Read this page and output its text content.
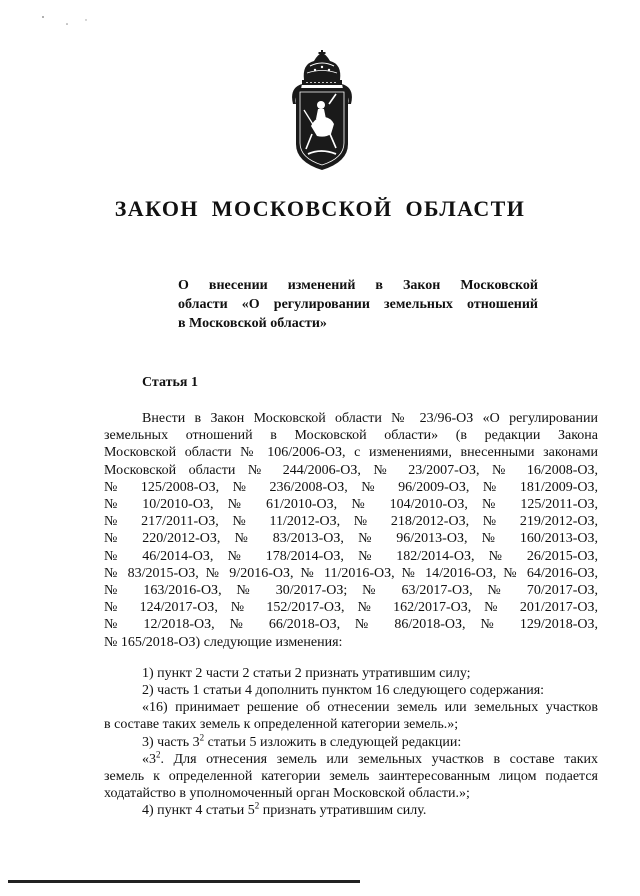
ЗАКОН МОСКОВСКОЙ ОБЛАСТИ
О внесении изменений в Закон Московской
области «О регулировании земельных отношений
в Московской области»
Статья 1
Внести в Закон Московской области № 23/96-ОЗ «О регулировании
земельных отношений в Московской области» (в редакции Закона
Московской области № 106/2006-ОЗ, с изменениями, внесенными законами
Московской области № 244/2006-ОЗ, № 23/2007-ОЗ, № 16/2008-ОЗ,
№ 125/2008-ОЗ, № 236/2008-ОЗ, № 96/2009-ОЗ, № 181/2009-ОЗ,
№ 10/2010-ОЗ, № 61/2010-ОЗ, № 104/2010-ОЗ, № 125/2011-ОЗ,
№ 217/2011-ОЗ, № 11/2012-ОЗ, № 218/2012-ОЗ, № 219/2012-ОЗ,
№ 220/2012-ОЗ, № 83/2013-ОЗ, № 96/2013-ОЗ, № 160/2013-ОЗ,
№ 46/2014-ОЗ, № 178/2014-ОЗ, № 182/2014-ОЗ, № 26/2015-ОЗ,
№ 83/2015-ОЗ, № 9/2016-ОЗ, № 11/2016-ОЗ, № 14/2016-ОЗ, № 64/2016-ОЗ,
№ 163/2016-ОЗ, № 30/2017-ОЗ; № 63/2017-ОЗ, № 70/2017-ОЗ,
№ 124/2017-ОЗ, № 152/2017-ОЗ, № 162/2017-ОЗ, № 201/2017-ОЗ,
№ 12/2018-ОЗ, № 66/2018-ОЗ, № 86/2018-ОЗ, № 129/2018-ОЗ,
№ 165/2018-ОЗ) следующие изменения:
1) пункт 2 части 2 статьи 2 признать утратившим силу;
2) часть 1 статьи 4 дополнить пунктом 16 следующего содержания:
«16) принимает решение об отнесении земель или земельных участков
в составе таких земель к определенной категории земель.»;
3) часть $3^2$ статьи 5 изложить в следующей редакции:
«$3^2$. Для отнесения земель или земельных участков в составе таких
земель к определенной категории земель заинтересованным лицом подается
ходатайство в уполномоченный орган Московской области.»;
4) пункт 4 статьи $5^2$ признать утратившим силу.
